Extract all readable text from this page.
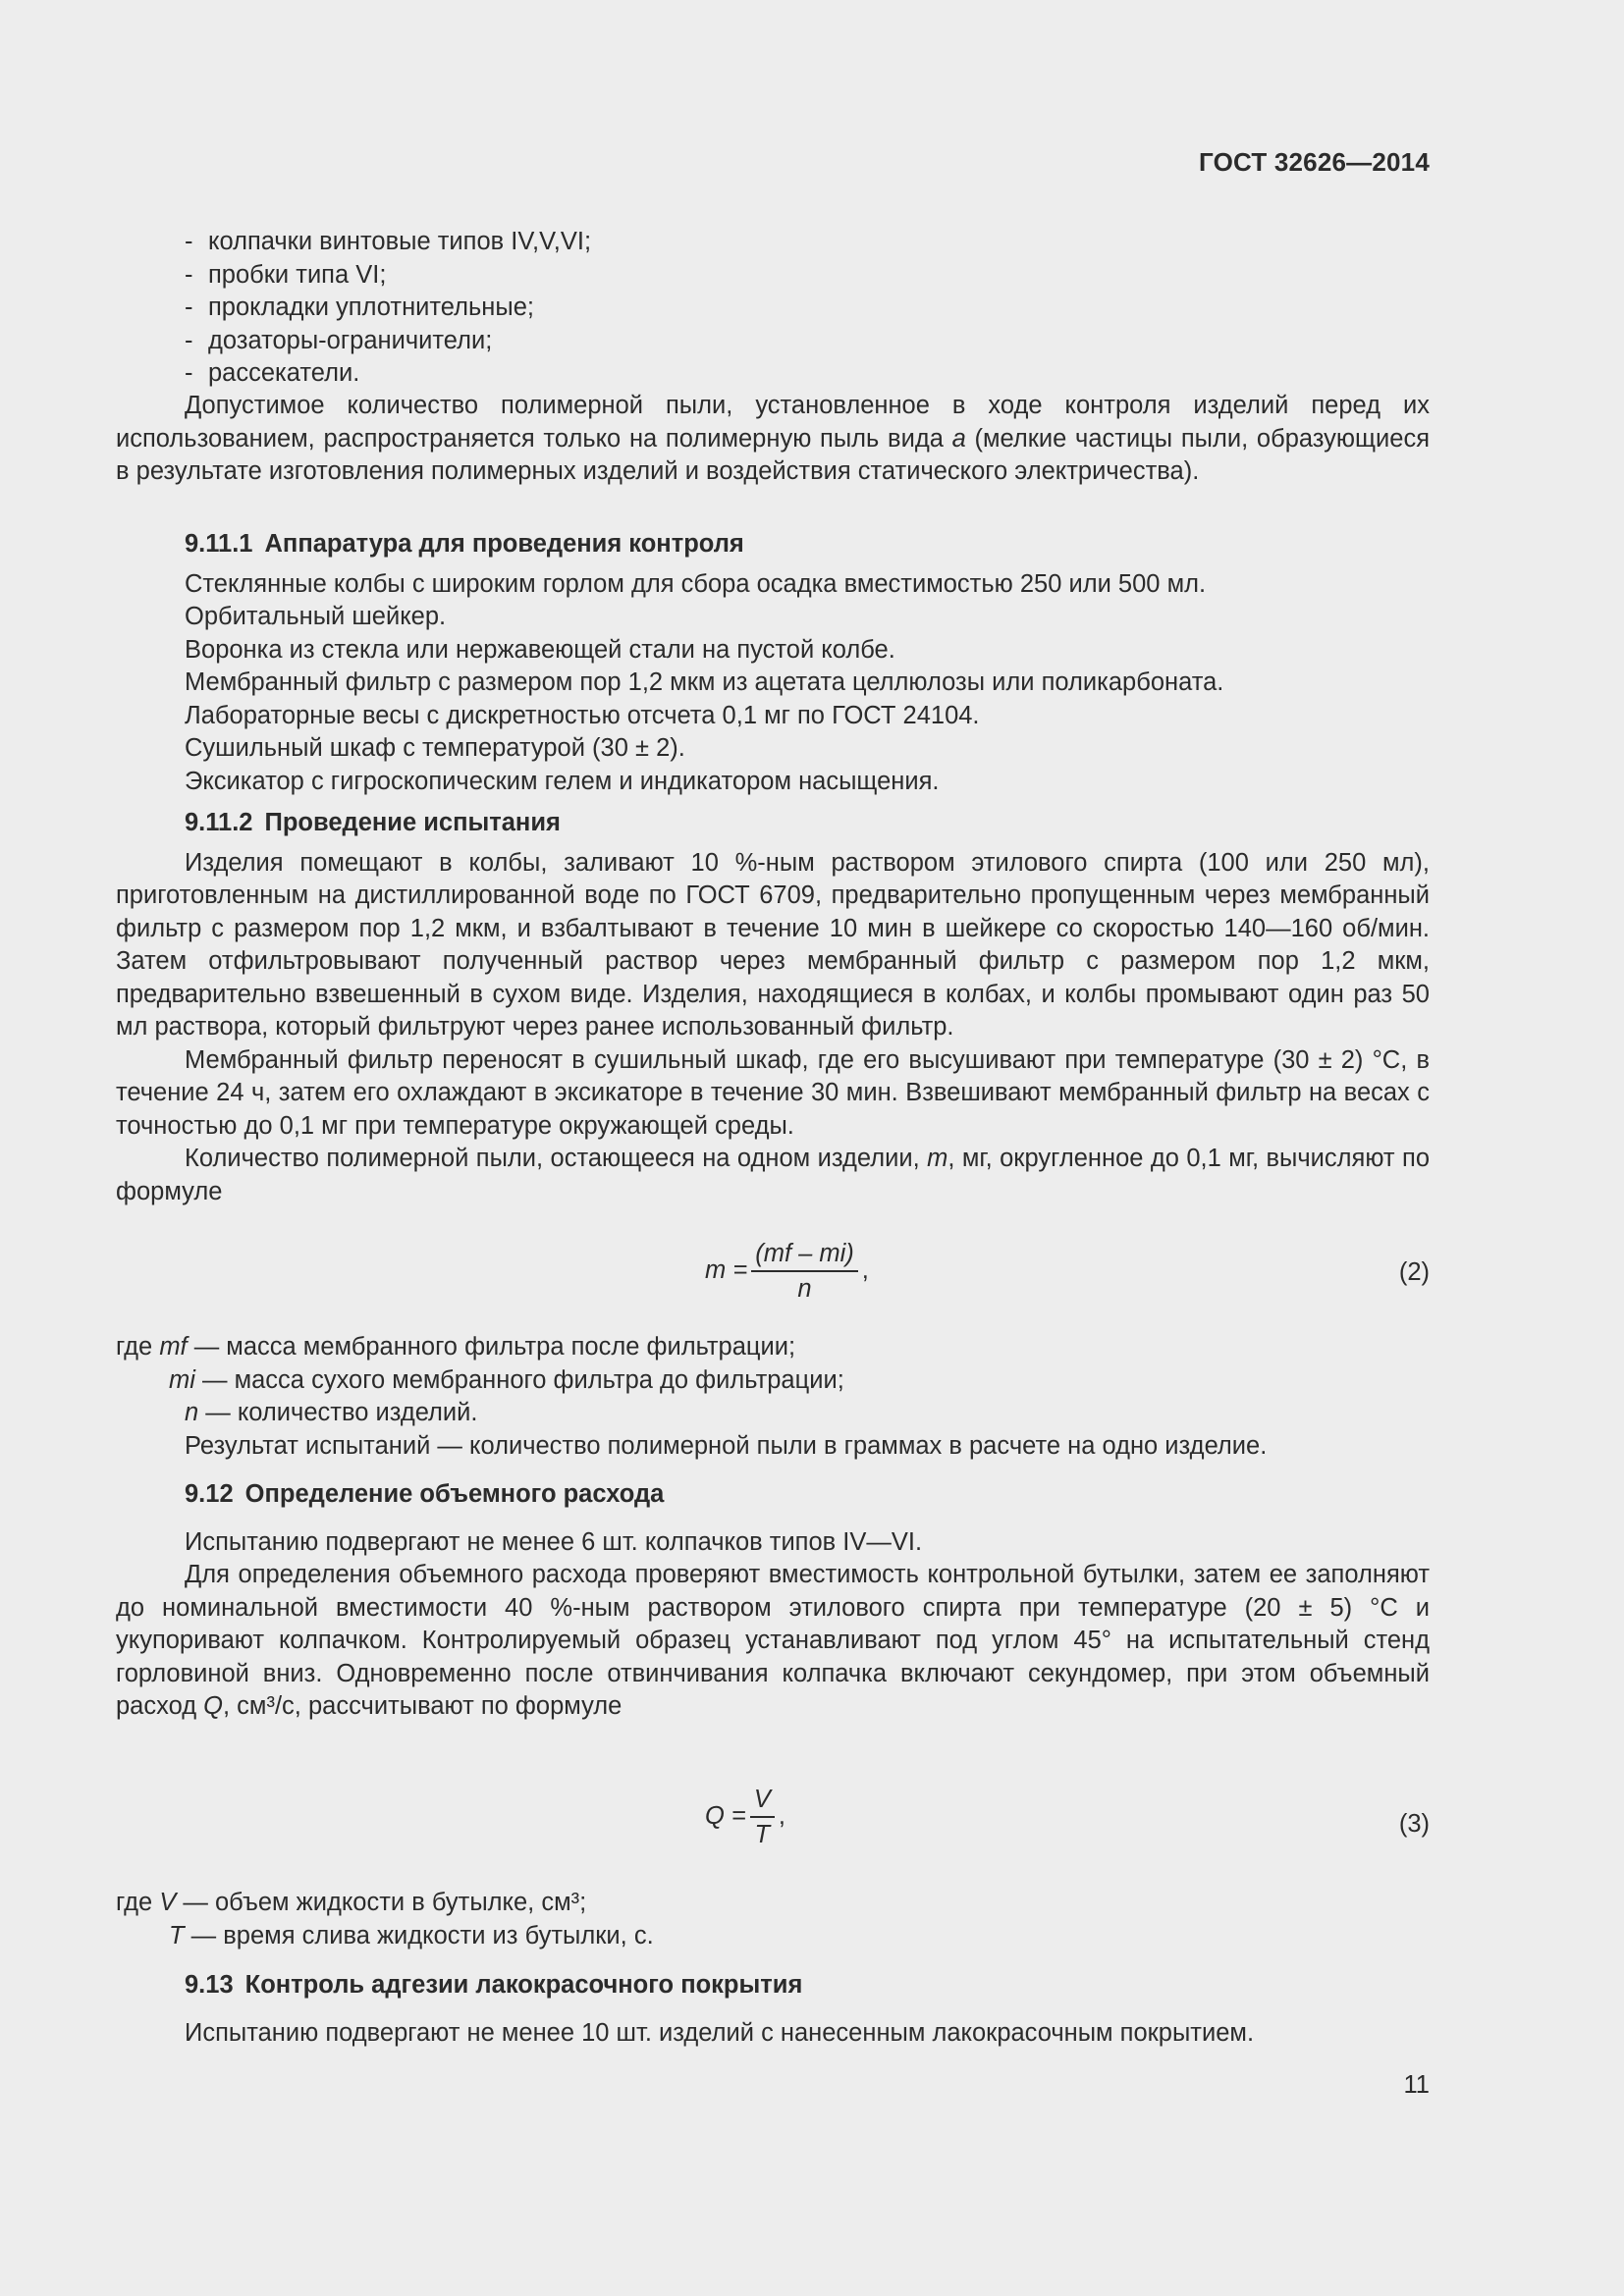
ГОСТ 32626—2014
- колпачки винтовые типов IV,V,VI;
- пробки типа VI;
- прокладки уплотнительные;
- дозаторы-ограничители;
- рассекатели.

Допустимое количество полимерной пыли, установленное в ходе контроля изделий перед их использованием, распространяется только на полимерную пыль вида а (мелкие частицы пыли, образующиеся в результате изготовления полимерных изделий и воздействия статического электричества).

9.11.1 Аппаратура для проведения контроля

Стеклянные колбы с широким горлом для сбора осадка вместимостью 250 или 500 мл.

Орбитальный шейкер.

Воронка из стекла или нержавеющей стали на пустой колбе.

Мембранный фильтр с размером пор 1,2 мкм из ацетата целлюлозы или поликарбоната.

Лабораторные весы с дискретностью отсчета 0,1 мг по ГОСТ 24104.

Сушильный шкаф с температурой (30 ± 2).

Эксикатор с гигроскопическим гелем и индикатором насыщения.

9.11.2 Проведение испытания

Изделия помещают в колбы, заливают 10 %-ным раствором этилового спирта (100 или 250 мл), приготовленным на дистиллированной воде по ГОСТ 6709, предварительно пропущенным через мембранный фильтр с размером пор 1,2 мкм, и взбалтывают в течение 10 мин в шейкере со скоростью 140—160 об/мин. Затем отфильтровывают полученный раствор через мембранный фильтр с размером пор 1,2 мкм, предварительно взвешенный в сухом виде. Изделия, находящиеся в колбах, и колбы промывают один раз 50 мл раствора, который фильтруют через ранее использованный фильтр.

Мембранный фильтр переносят в сушильный шкаф, где его высушивают при температуре (30 ± 2) °С, в течение 24 ч, затем его охлаждают в эксикаторе в течение 30 мин. Взвешивают мембранный фильтр на весах с точностью до 0,1 мг при температуре окружающей среды.

Количество полимерной пыли, остающееся на одном изделии, m, мг, округленное до 0,1 мг, вычисляют по формуле

$m = \frac{(mf - mi)}{n}$ ,	(2)

где mf — масса мембранного фильтра после фильтрации;

mi — масса сухого мембранного фильтра до фильтрации;

n — количество изделий.

Результат испытаний — количество полимерной пыли в граммах в расчете на одно изделие.

9.12 Определение объемного расхода

Испытанию подвергают не менее 6 шт. колпачков типов IV—VI.

Для определения объемного расхода проверяют вместимость контрольной бутылки, затем ее заполняют до номинальной вместимости 40 %-ным раствором этилового спирта при температуре (20 ± 5) °С и укупоривают колпачком. Контролируемый образец устанавливают под углом 45° на испытательный стенд горловиной вниз. Одновременно после отвинчивания колпачка включают секундомер, при этом объемный расход Q, см³/с, рассчитывают по формуле

$Q = \frac{V}{T}$ ,	(3)

где V — объем жидкости в бутылке, см³;

T — время слива жидкости из бутылки, с.

9.13 Контроль адгезии лакокрасочного покрытия

Испытанию подвергают не менее 10 шт. изделий с нанесенным лакокрасочным покрытием.

11
